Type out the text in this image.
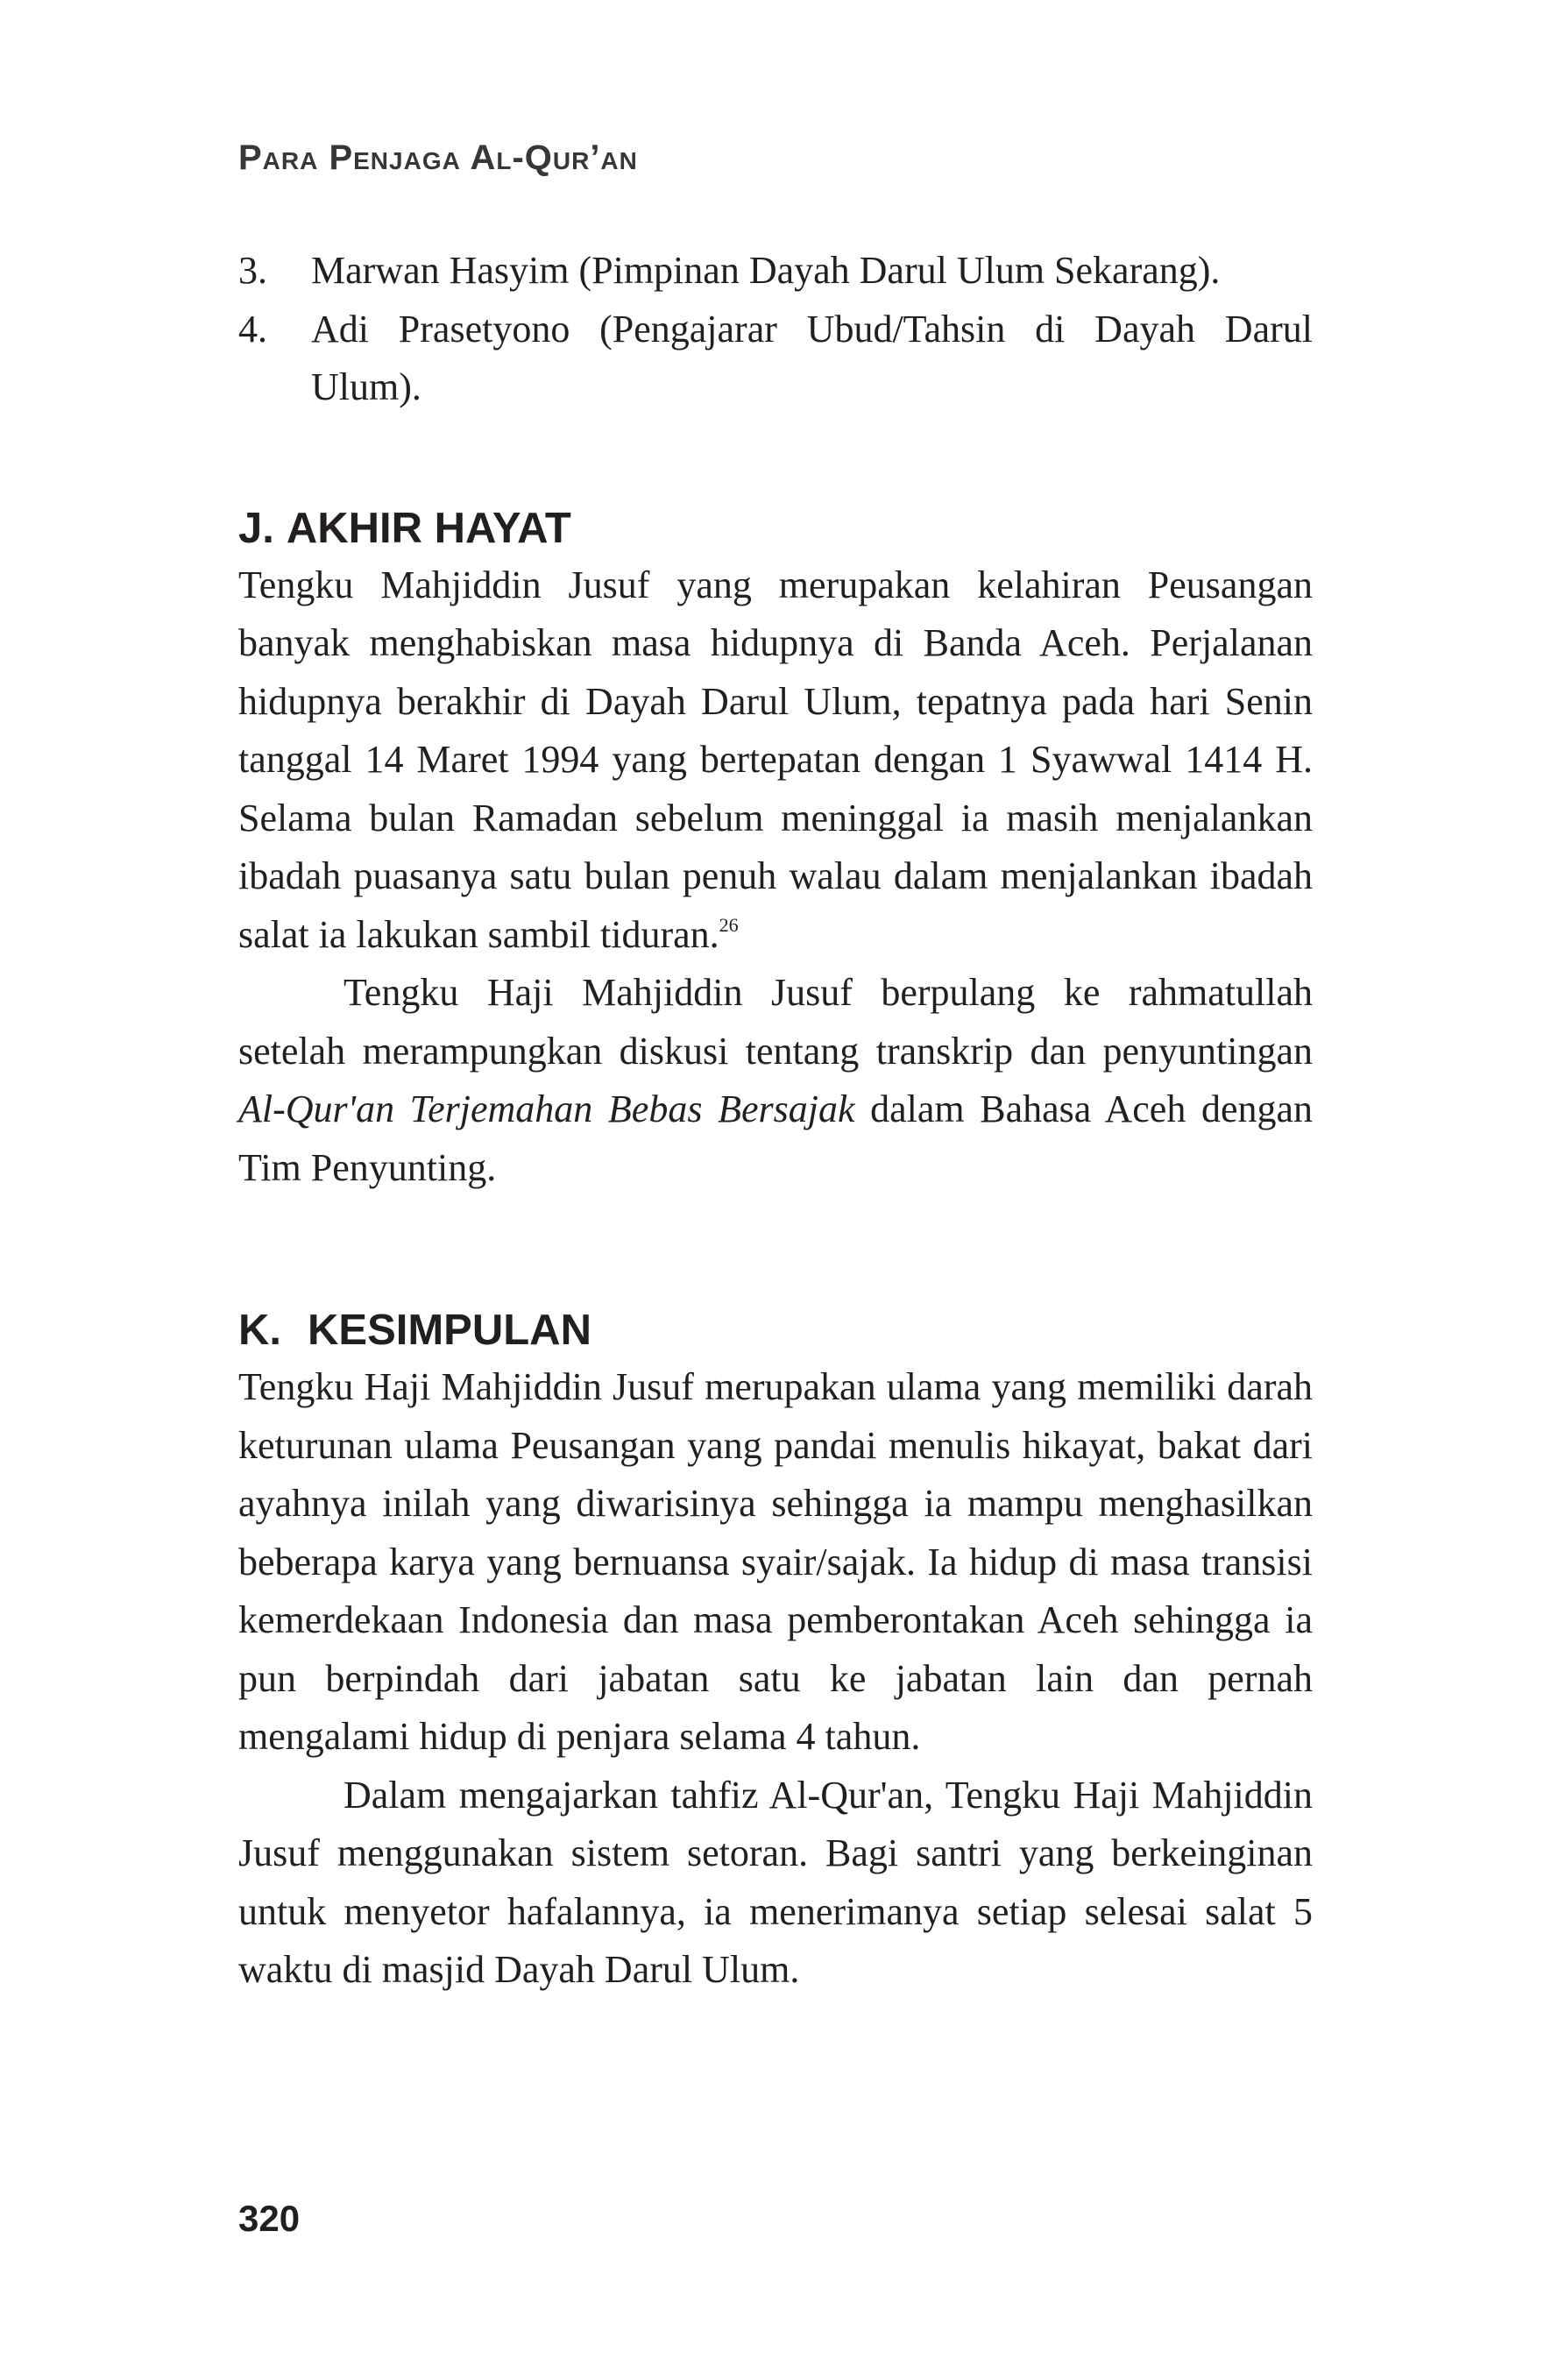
Para Penjaga Al-Qur’an
3. Marwan Hasyim (Pimpinan Dayah Darul Ulum Sekarang).
4. Adi Prasetyono (Pengajarar Ubud/Tahsin di Dayah Darul Ulum).
J. AKHIR HAYAT

Tengku Mahjiddin Jusuf yang merupakan kelahiran Peusangan banyak menghabiskan masa hidupnya di Banda Aceh. Perjalanan hidupnya berakhir di Dayah Darul Ulum, tepatnya pada hari Senin tanggal 14 Maret 1994 yang bertepatan dengan 1 Syawwal 1414 H. Selama bulan Ramadan sebelum meninggal ia masih menjalankan ibadah puasanya satu bulan penuh walau dalam menjalankan ibadah salat ia lakukan sambil tiduran.$^{26}$

Tengku Haji Mahjiddin Jusuf berpulang ke rahmatullah setelah merampungkan diskusi tentang transkrip dan penyuntingan Al-Qur'an Terjemahan Bebas Bersajak dalam Bahasa Aceh dengan Tim Penyunting.

K. KESIMPULAN

Tengku Haji Mahjiddin Jusuf merupakan ulama yang memiliki darah keturunan ulama Peusangan yang pandai menulis hikayat, bakat dari ayahnya inilah yang diwarisinya sehingga ia mampu menghasilkan beberapa karya yang bernuansa syair/sajak. Ia hidup di masa transisi kemerdekaan Indonesia dan masa pemberontakan Aceh sehingga ia pun berpindah dari jabatan satu ke jabatan lain dan pernah mengalami hidup di penjara selama 4 tahun.

Dalam mengajarkan tahfiz Al-Qur'an, Tengku Haji Mahjiddin Jusuf menggunakan sistem setoran. Bagi santri yang berkeinginan untuk menyetor hafalannya, ia menerimanya setiap selesai salat 5 waktu di masjid Dayah Darul Ulum.

320
